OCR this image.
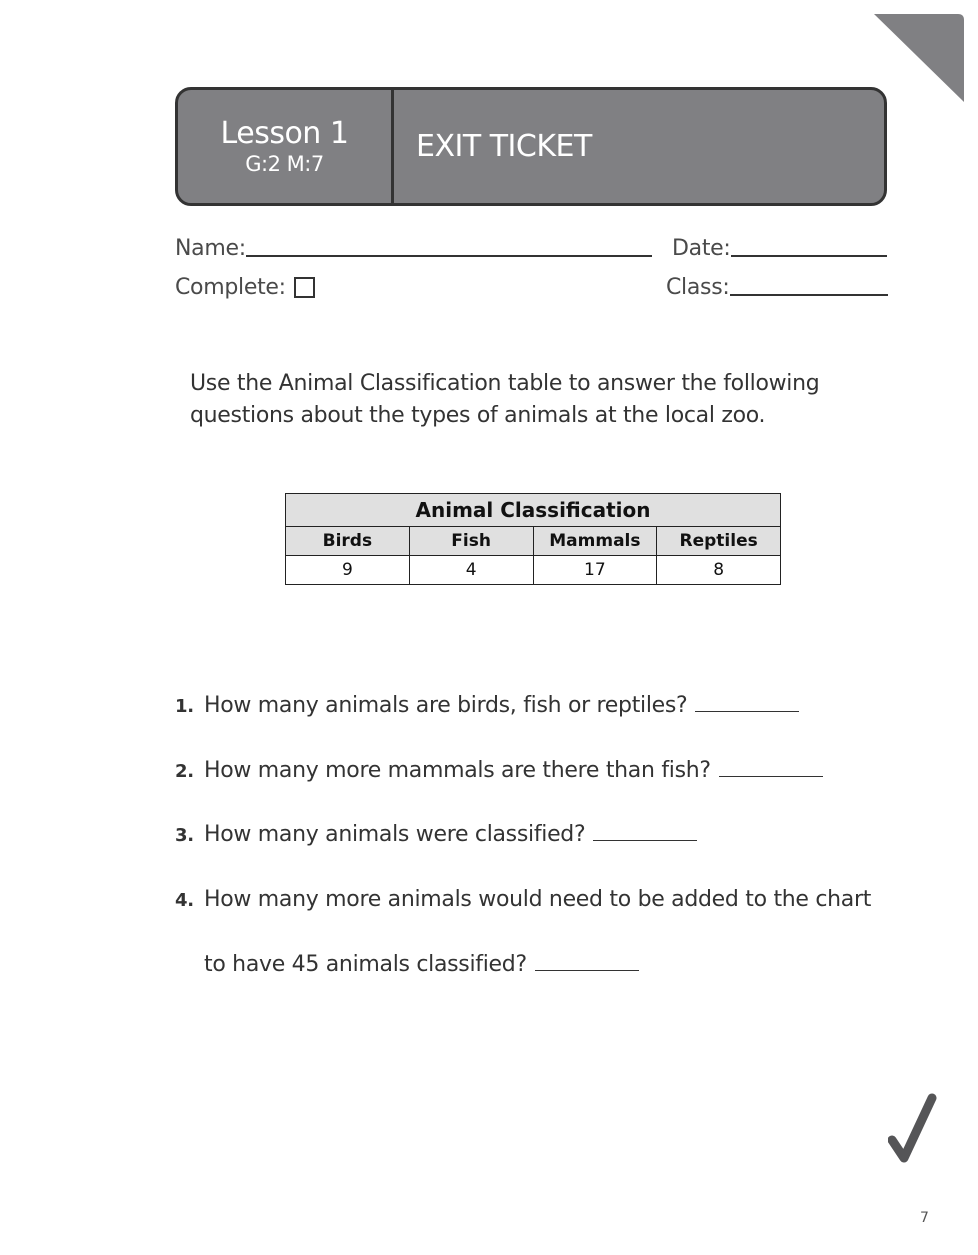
Lesson 1
G:2 M:7	EXIT TICKET
Name:	Date:
Complete:	Class:
Use the Animal Classification table to answer the following questions about the types of animals at the local zoo.
Animal Classification			
Birds	Fish	Mammals	Reptiles
9	4	17	8
1. How many animals are birds, fish or reptiles?
2. How many more mammals are there than fish?
3. How many animals were classified?
4. How many more animals would need to be added to the chart
to have 45 animals classified?
7
